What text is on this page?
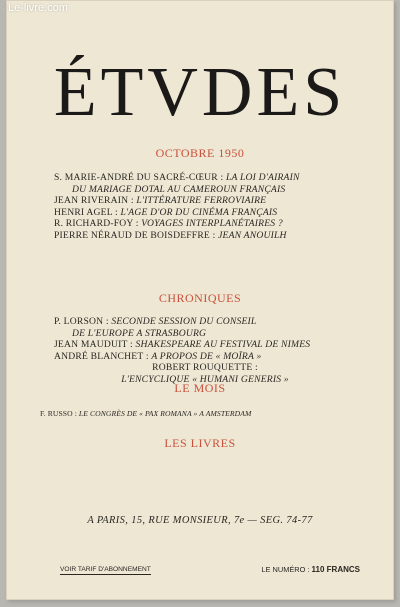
Le-livre.com
ÉTVDES
OCTOBRE 1950
S. MARIE-ANDRÉ DU SACRÉ-CŒUR : LA LOI D'AIRAIN
DU MARIAGE DOTAL AU CAMEROUN FRANÇAIS
JEAN RIVERAIN : L'ITTÉRATURE FERROVIAIRE
HENRI AGEL : L'AGE D'OR DU CINÉMA FRANÇAIS
R. RICHARD-FOY : VOYAGES INTERPLANÉTAIRES ?
PIERRE NÉRAUD DE BOISDEFFRE : JEAN ANOUILH
CHRONIQUES
P. LORSON : SECONDE SESSION DU CONSEIL
DE L'EUROPE A STRASBOURG
JEAN MAUDUIT : SHAKESPEARE AU FESTIVAL DE NIMES
ANDRÉ BLANCHET : A PROPOS DE « MOÏRA »
ROBERT ROUQUETTE :
L'ENCYCLIQUE « HUMANI GENERIS »
LE MOIS
F. RUSSO : LE CONGRÈS DE « PAX ROMANA » A AMSTERDAM
LES LIVRES
A PARIS, 15, RUE MONSIEUR, 7e — SEG. 74-77
VOIR TARIF D'ABONNEMENT	LE NUMÉRO : 110 FRANCS
